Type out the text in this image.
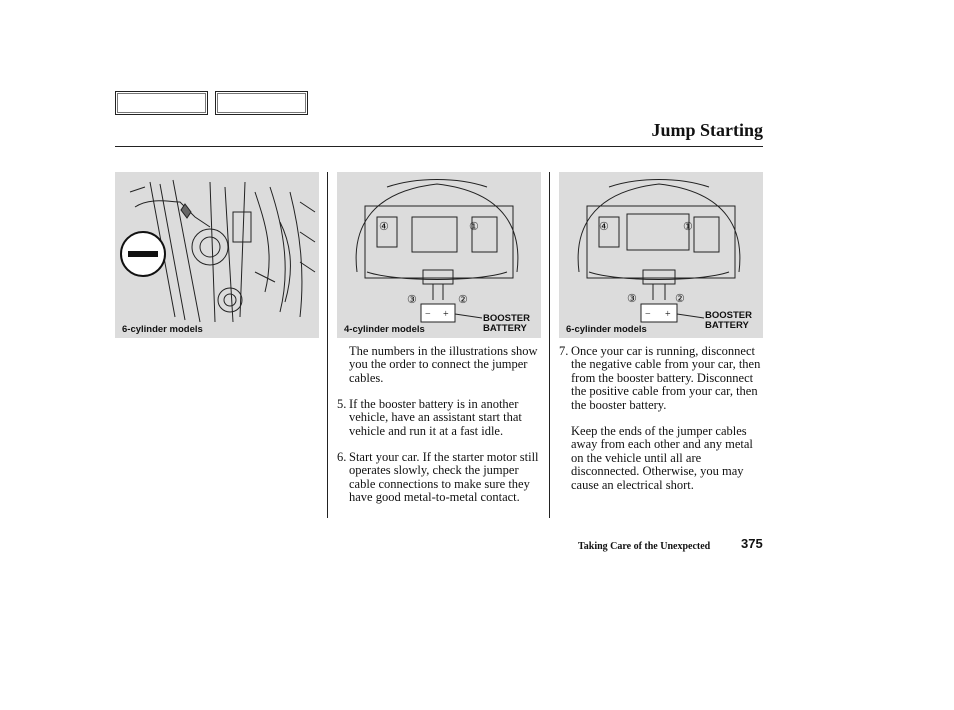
Jump Starting
6-cylinder models
④	①
③	②
− +	BOOSTER
BATTERY
4-cylinder models
④	①
③	②
− +	BOOSTER
BATTERY
6-cylinder models

The numbers in the illustrations show you the order to connect the jumper cables.

5. If the booster battery is in another vehicle, have an assistant start that vehicle and run it at a fast idle.
6. Start your car. If the starter motor still operates slowly, check the jumper cable connections to make sure they have good metal-to-metal contact.
7. Once your car is running, disconnect the negative cable from your car, then from the booster battery. Disconnect the positive cable from your car, then the booster battery.

Keep the ends of the jumper cables away from each other and any metal on the vehicle until all are disconnected. Otherwise, you may cause an electrical short.

Taking Care of the Unexpected 375
